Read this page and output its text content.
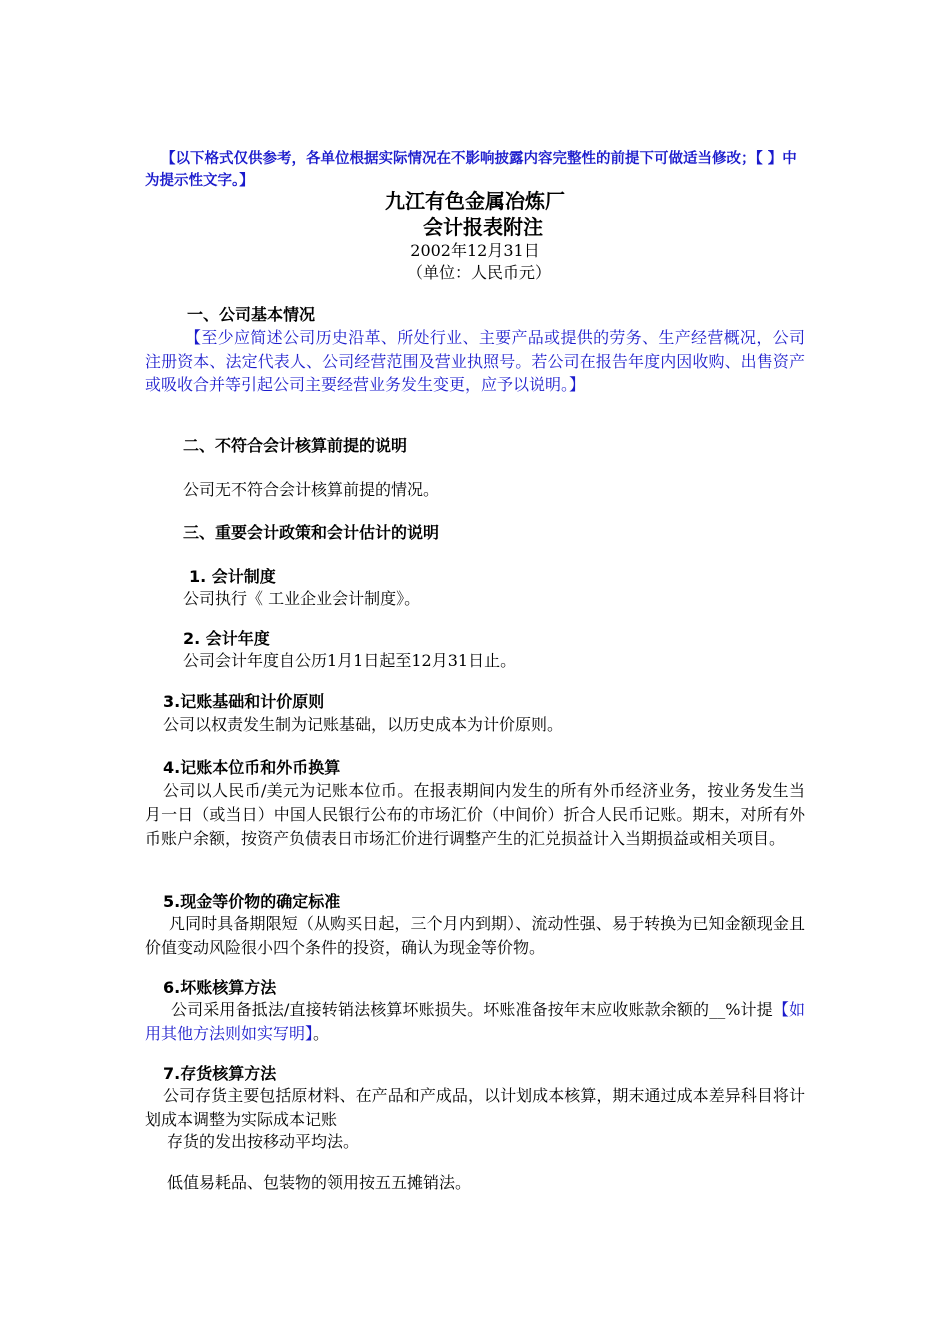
【以下格式仅供参考，各单位根据实际情况在不影响披露内容完整性的前提下可做适当修改；【 】中为提示性文字。】
九江有色金属冶炼厂
会计报表附注
2002年12月31日
（单位：人民币元）
一、公司基本情况
【至少应简述公司历史沿革、所处行业、主要产品或提供的劳务、生产经营概况，公司注册资本、法定代表人、公司经营范围及营业执照号。若公司在报告年度内因收购、出售资产或吸收合并等引起公司主要经营业务发生变更，应予以说明。】
二、不符合会计核算前提的说明
公司无不符合会计核算前提的情况。
三、重要会计政策和会计估计的说明
1. 会计制度
公司执行《 工业企业会计制度》。
2. 会计年度
公司会计年度自公历1月1日起至12月31日止。
3.记账基础和计价原则
公司以权责发生制为记账基础，以历史成本为计价原则。
4.记账本位币和外币换算
公司以人民币/美元为记账本位币。在报表期间内发生的所有外币经济业务，按业务发生当月一日（或当日）中国人民银行公布的市场汇价（中间价）折合人民币记账。期末，对所有外币账户余额，按资产负债表日市场汇价进行调整产生的汇兑损益计入当期损益或相关项目。
5.现金等价物的确定标准
凡同时具备期限短（从购买日起，三个月内到期）、流动性强、易于转换为已知金额现金且价值变动风险很小四个条件的投资，确认为现金等价物。
6.坏账核算方法
公司采用备抵法/直接转销法核算坏账损失。坏账准备按年末应收账款余额的__%计提【如用其他方法则如实写明】。
7.存货核算方法
公司存货主要包括原材料、在产品和产成品，以计划成本核算，期末通过成本差异科目将计划成本调整为实际成本记账
存货的发出按移动平均法。
低值易耗品、包装物的领用按五五摊销法。
